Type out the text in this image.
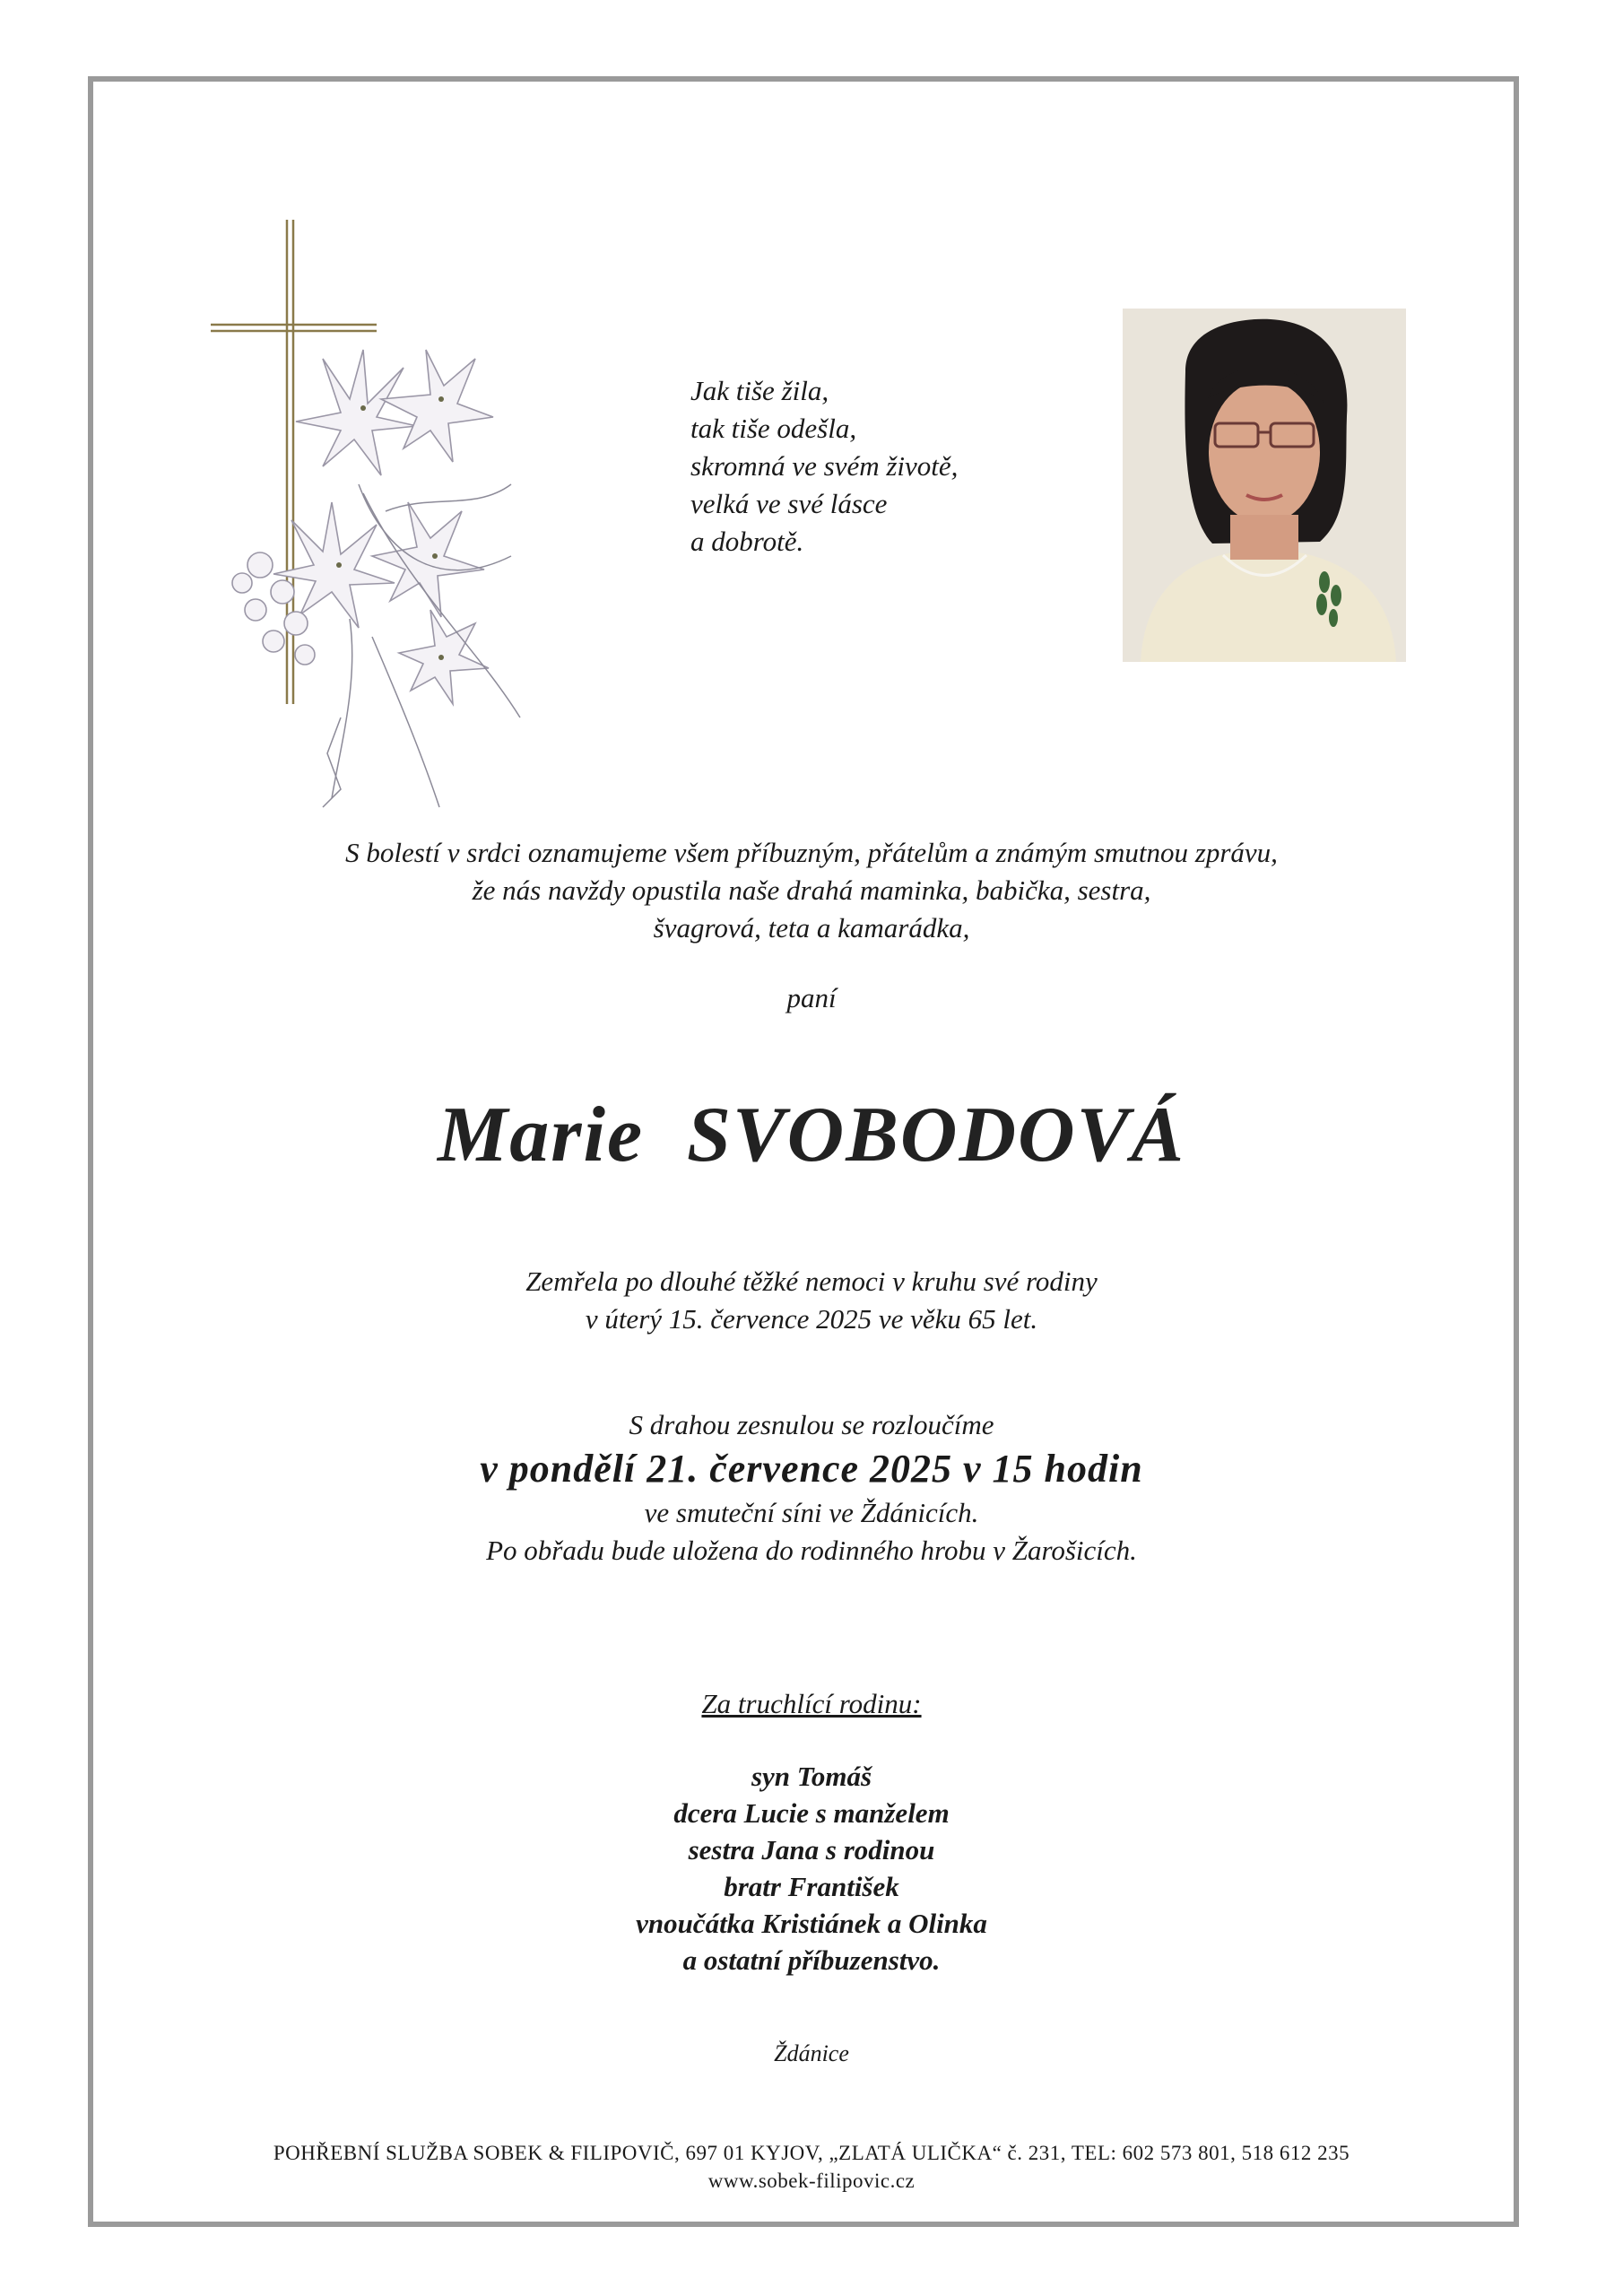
Jak tiše žila,
tak tiše odešla,
skromná ve svém životě,
velká ve své lásce
a dobrotě.
S bolestí v srdci oznamujeme všem příbuzným, přátelům a známým smutnou zprávu,
že nás navždy opustila naše drahá maminka, babička, sestra,
švagrová, teta a kamarádka,
paní
Marie  SVOBODOVÁ
Zemřela po dlouhé těžké nemoci v kruhu své rodiny
v úterý 15. července 2025 ve věku 65 let.
S drahou zesnulou se rozloučíme
v pondělí 21. července 2025 v 15 hodin
ve smuteční síni ve Ždánicích.
Po obřadu bude uložena do rodinného hrobu v Žarošicích.
Za truchlící rodinu:
syn Tomáš
dcera Lucie s manželem
sestra Jana s rodinou
bratr František
vnoučátka Kristiánek a Olinka
a ostatní příbuzenstvo.
Ždánice
POHŘEBNÍ SLUŽBA SOBEK & FILIPOVIČ, 697 01 KYJOV, „ZLATÁ ULIČKA“ č. 231, TEL: 602 573 801, 518 612 235
www.sobek-filipovic.cz
